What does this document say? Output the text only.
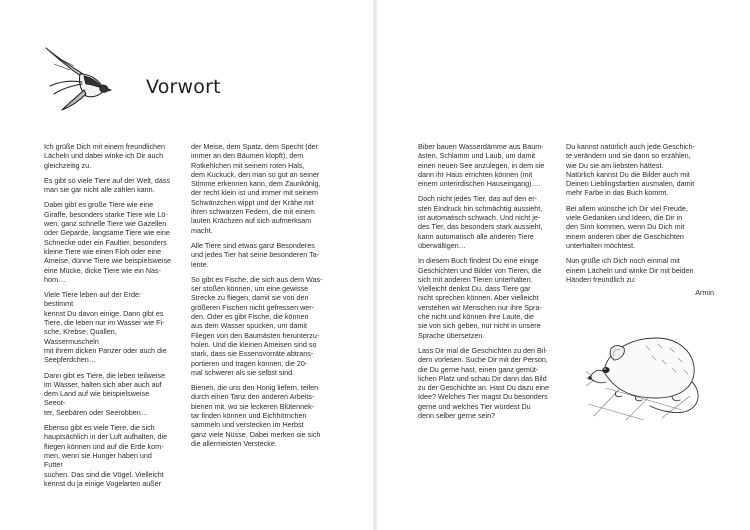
Vorwort

Ich grüße Dich mit einem freundlichen
Lächeln und dabei winke ich Dir auch
gleichzeitig zu.

Es gibt so viele Tiere auf der Welt, dass
man sie gar nicht alle zählen kann.

Dabei gibt es große Tiere wie eine
Giraffe, besonders starke Tiere wie Lö-
wen, ganz schnelle Tiere wie Gazellen
oder Geparde, langsame Tiere wie eine
Schnecke oder ein Faultier, besonders
kleine Tiere wie einen Floh oder eine
Ameise, dünne Tiere wie beispielsweise
eine Mücke, dicke Tiere wie ein Nas-
horn…

Viele Tiere leben auf der Erde: bestimmt
kennst Du davon einige. Dann gibt es
Tiere, die leben nur im Wasser wie Fi-
sche, Krebse, Quallen, Wassermuscheln
mit ihrem dicken Panzer oder auch die
Seepferdchen…

Dann gibt es Tiere, die leben teilweise
im Wasser, halten sich aber auch auf
dem Land auf wie beispielsweise Seeot-
ter, Seebären oder Seerobben…

Ebenso gibt es viele Tiere, die sich
hauptsächlich in der Luft aufhalten, die
fliegen können und auf die Erde kom-
men, wenn sie Hunger haben und Futter
suchen. Das sind die Vögel. Vielleicht
kennst du ja einige Vogelarten außer

der Meise, dem Spatz, dem Specht (der
immer an den Bäumen klopft), dem
Rotkehlchen mit seinem roten Hals,
dem Kuckuck, den man so gut an seiner
Stimme erkennen kann, dem Zaunkönig,
der recht klein ist und immer mit seinem
Schwänzchen wippt und der Krähe mit
ihren schwarzen Federn, die mit einem
lauten Krächzen auf sich aufmerksam
macht.

Alle Tiere sind etwas ganz Besonderes
und jedes Tier hat seine besonderen Ta-
lente.

So gibt es Fische, die sich aus dem Was-
ser stoßen können, um eine gewisse
Strecke zu fliegen, damit sie von den
größeren Fischen nicht gefressen wer-
den. Oder es gibt Fische, die können
aus dem Wasser spucken, um damit
Fliegen von den Baumästen herunterzu-
holen. Und die kleinen Ameisen sind so
stark, dass sie Essensvorräte abtrans-
portieren und tragen können, die 20-
mal schwerer als sie selbst sind.

Bienen, die uns den Honig liefern, teilen
durch einen Tanz den anderen Arbeits-
bienen mit, wo sie leckeren Blütennek-
tar finden können und Eichhörnchen
sammeln und verstecken im Herbst
ganz viele Nüsse. Dabei merken sie sich
die allermeisten Verstecke.

Biber bauen Wasserdämme aus Baum-
ästen, Schlamm und Laub, um damit
einen neuen See anzulegen, in dem sie
dann ihr Haus errichten können (mit
einem unterirdischen Hauseingang)….

Doch nicht jedes Tier, das auf den er-
sten Eindruck hin schmächtig aussieht,
ist automatisch schwach. Und nicht je-
des Tier, das besonders stark aussieht,
kann automatisch alle anderen Tiere
überwältigen…

In diesem Buch findest Du eine einige
Geschichten und Bilder von Tieren, die
sich mit anderen Tieren unterhalten.
Vielleicht denkst Du, dass Tiere gar
nicht sprechen können. Aber vielleicht
verstehen wir Menschen nur ihre Spra-
che nicht und können ihre Laute, die
sie von sich geben, nur nicht in unsere
Sprache übersetzen.

Lass Dir mal die Geschichten zu den Bil-
dern vorlesen. Suche Dir mit der Person,
die Du gerne hast, einen ganz gemüt-
lichen Platz und schau Dir dann das Bild
zu der Geschichte an. Hast Du dazu eine
Idee? Welches Tier magst Du besonders
gerne und welches Tier würdest Du
denn selber gerne sein?

Du kannst natürlich auch jede Geschich-
te verändern und sie dann so erzählen,
wie Du sie am liebsten hättest.
Natürlich kannst Du die Bilder auch mit
Deinen Lieblingsfarben ausmalen, damit
mehr Farbe in das Buch kommt.

Bei allem wünsche ich Dir viel Freude,
viele Gedanken und Ideen, die Dir in
den Sinn kommen, wenn Du Dich mit
einem anderen über die Geschichten
unterhalten möchtest.

Nun grüße ich Dich noch einmal mit
einem Lächeln und winke Dir mit beiden
Händen freundlich zu:

Armin
